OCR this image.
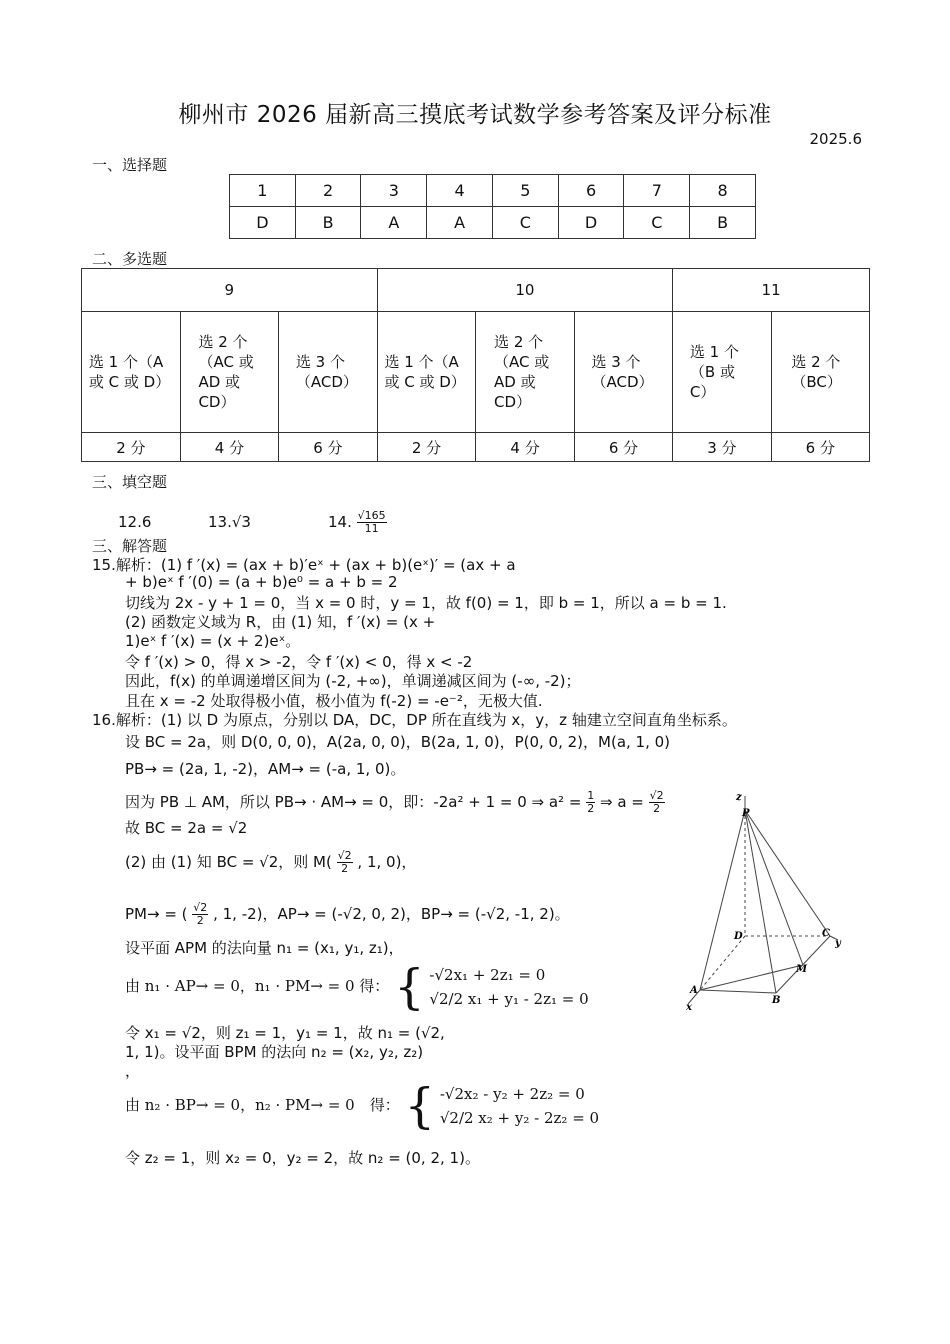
柳州市 2026 届新高三摸底考试数学参考答案及评分标准
2025.6
一、选择题
1	2	3	4	5	6	7	8
D	B	A	A	C	D	C	B
二、多选题
9			10			11	
选 1 个（A 或 C 或 D）	选 2 个（AC 或 AD 或 CD）	选 3 个（ACD）	选 1 个（A 或 C 或 D）	选 2 个（AC 或 AD 或 CD）	选 3 个（ACD）	选 1 个（B 或 C）	选 2 个（BC）
2 分	4 分	6 分	2 分	4 分	6 分	3 分	6 分
三、填空题
12.6	13.√3	14. $\frac{√165}{11}$
三、解答题
15.解析：(1) f ′(x) = (ax + b)′eˣ + (ax + b)(eˣ)′ = (ax + a
+ b)eˣ f ′(0) = (a + b)e⁰ = a + b = 2
切线为 2x - y + 1 = 0，当 x = 0 时，y = 1，故 f(0) = 1，即 b = 1，所以 a = b = 1.
(2) 函数定义域为 R，由 (1) 知，f ′(x) = (x +
1)eˣ f ′(x) = (x + 2)eˣ。
令 f ′(x) > 0，得 x > -2，令 f ′(x) < 0，得 x < -2
因此，f(x) 的单调递增区间为 (-2, +∞)，单调递减区间为 (-∞, -2)；
且在 x = -2 处取得极小值，极小值为 f(-2) = -e⁻²，无极大值.
16.解析：(1) 以 D 为原点，分别以 DA，DC，DP 所在直线为 x，y，z 轴建立空间直角坐标系。
设 BC = 2a，则 D(0, 0, 0)，A(2a, 0, 0)，B(2a, 1, 0)，P(0, 0, 2)，M(a, 1, 0)
PB→ = (2a, 1, -2)，AM→ = (-a, 1, 0)。
因为 PB ⊥ AM，所以 PB→ · AM→ = 0，即：-2a² + 1 = 0 ⇒ $a^2 = \frac{1}{2}$ ⇒ $a = \frac{√2}{2}$
故 BC = 2a = √2
(2) 由 (1) 知 BC = √2，则 $M( \frac{√2}{2}$ , 1, 0)，
PM→ = ( $\frac{√2}{2}$ , 1, -2)，AP→ = (-√2, 0, 2)，BP→ = (-√2, -1, 2)。
设平面 APM 的法向量 n₁ = (x₁, y₁, z₁)，
由 n₁ · AP→ = 0，n₁ · PM→ = 0 得： { -√2x₁ + 2z₁ = 0
√2/2 x₁ + y₁ - 2z₁ = 0
令 x₁ = √2，则 z₁ = 1，y₁ = 1，故 n₁ = (√2,
1, 1)。设平面 BPM 的法向 n₂ = (x₂, y₂, z₂)
，
由 n₂ · BP→ = 0，n₂ · PM→ = 0　得： { -√2x₂ - y₂ + 2z₂ = 0
√2/2 x₂ + y₂ - 2z₂ = 0
令 z₂ = 1，则 x₂ = 0，y₂ = 2，故 n₂ = (0, 2, 1)。
z
P
D	C
y
M
A
B
x
